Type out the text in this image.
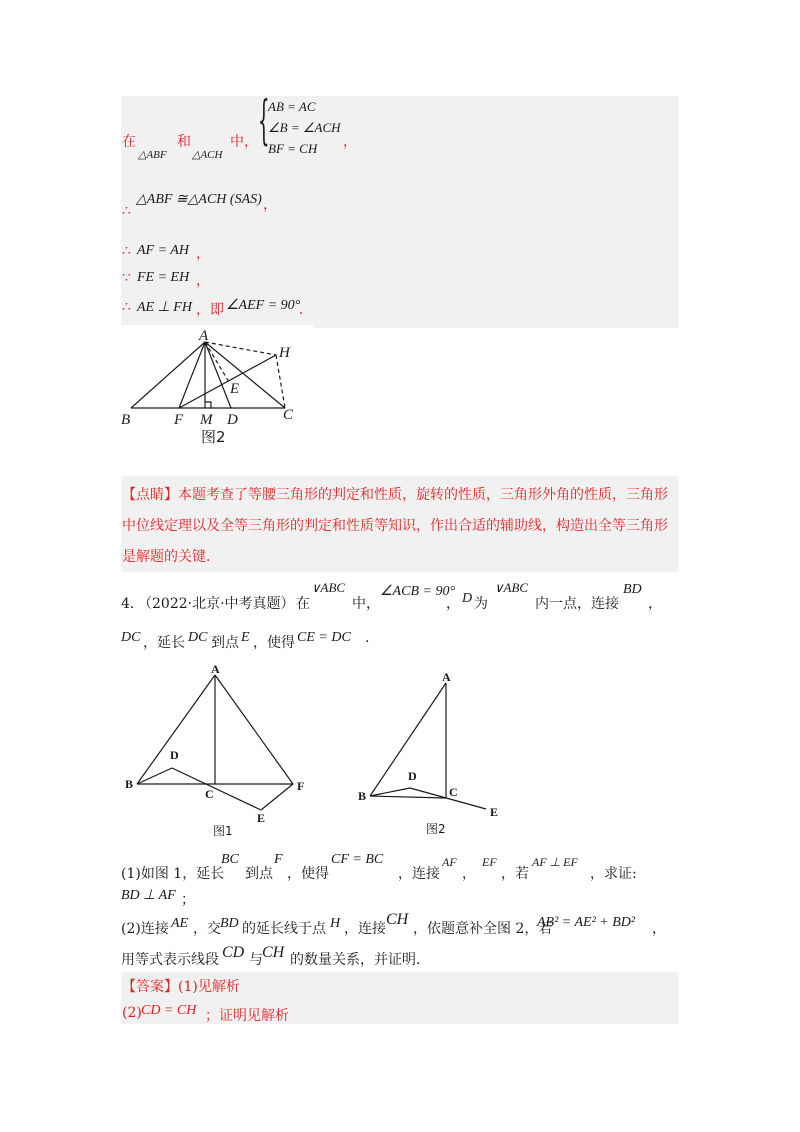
在	和	中，
△ABF △ACH
{
AB = AC
∠B = ∠ACH
BF = CH	，
∴
△ABF ≅△ACH (SAS) ，
∴ AF = AH ，
∵ FE = EH ，
∴ AE ⊥ FH ，即 ∠AEF = 90°
．
A
H
E
B	F M D	C
图2
【点睛】本题考查了等腰三角形的判定和性质，旋转的性质，三角形外角的性质，三角形
中位线定理以及全等三角形的判定和性质等知识，作出合适的辅助线，构造出全等三角形
是解题的关键．
4．
（2022·北京·中考真题） 在
∨ABC
中，
∠ACB = 90°
， D 为
∨ABC
内一点，连接
BD
，
DC ，延长 DC 到点 E ，使得 CE = DC .
A
D
B
C
F
E
图1
A
D
B	C
E
图2
(1)如图 1，延长
BC
到点
F
，使得
CF = BC
，连接
AF
，
EF
，若
AF ⊥ EF
，求证:
BD ⊥ AF ；
(2)连接 AE ，交 BD 的延长线于点 H ，连接
CH
，依题意补全图 2，若
AB² = AE² + BD² ，
用等式表示线段 CD 与 CH 的数量关系，并证明．
【答案】 (1)见解析
(2) CD = CH ；证明见解析
